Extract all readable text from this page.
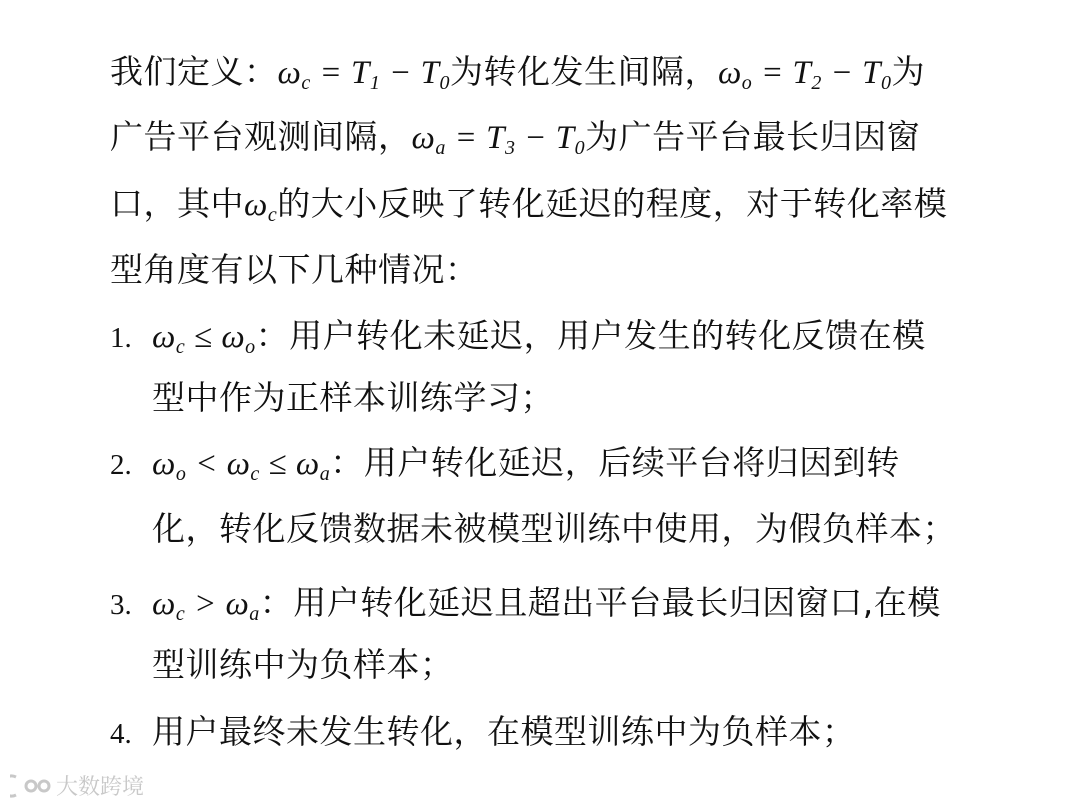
我们定义：$\omega_c = T_1 - T_0$为转化发生间隔，$\omega_o = T_2 - T_0$为
广告平台观测间隔，$\omega_a = T_3 - T_0$为广告平台最长归因窗
口，其中$\omega_c$的大小反映了转化延迟的程度，对于转化率模
型角度有以下几种情况：
1. $\omega_c \le \omega_o$：用户转化未延迟，用户发生的转化反馈在模
型中作为正样本训练学习；
2. $\omega_o < \omega_c \le \omega_a$：用户转化延迟，后续平台将归因到转
化，转化反馈数据未被模型训练中使用，为假负样本；
3. $\omega_c > \omega_a$：用户转化延迟且超出平台最长归因窗口,在模
型训练中为负样本；
4. 用户最终未发生转化，在模型训练中为负样本；
大数跨境
